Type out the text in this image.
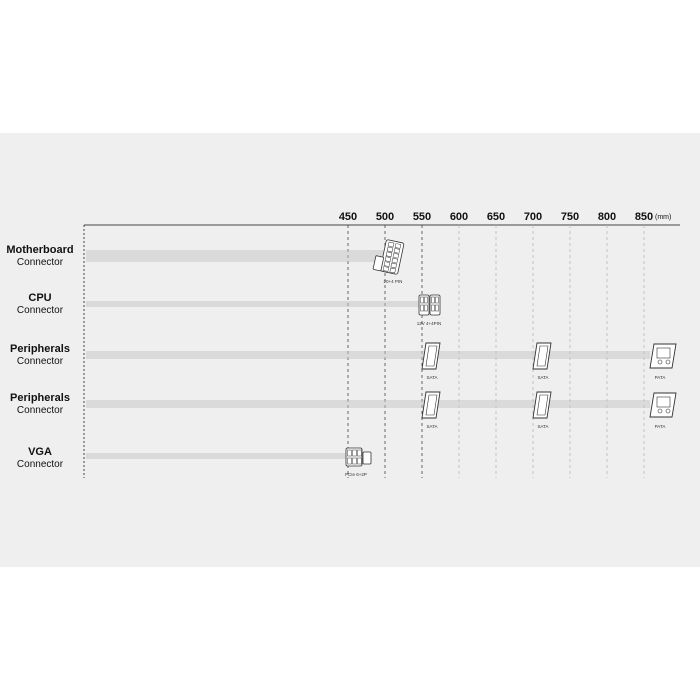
Motherboard
Connector
CPU
Connector
Peripherals
Connector
Peripherals
Connector
VGA
Connector
450 500 550 600 650 700 750 800 850 (mm)
20+4 PIN
12V 4+4PIN
SATA	SATA	PATA
SATA	SATA	PATA
PCIe 6+2P
